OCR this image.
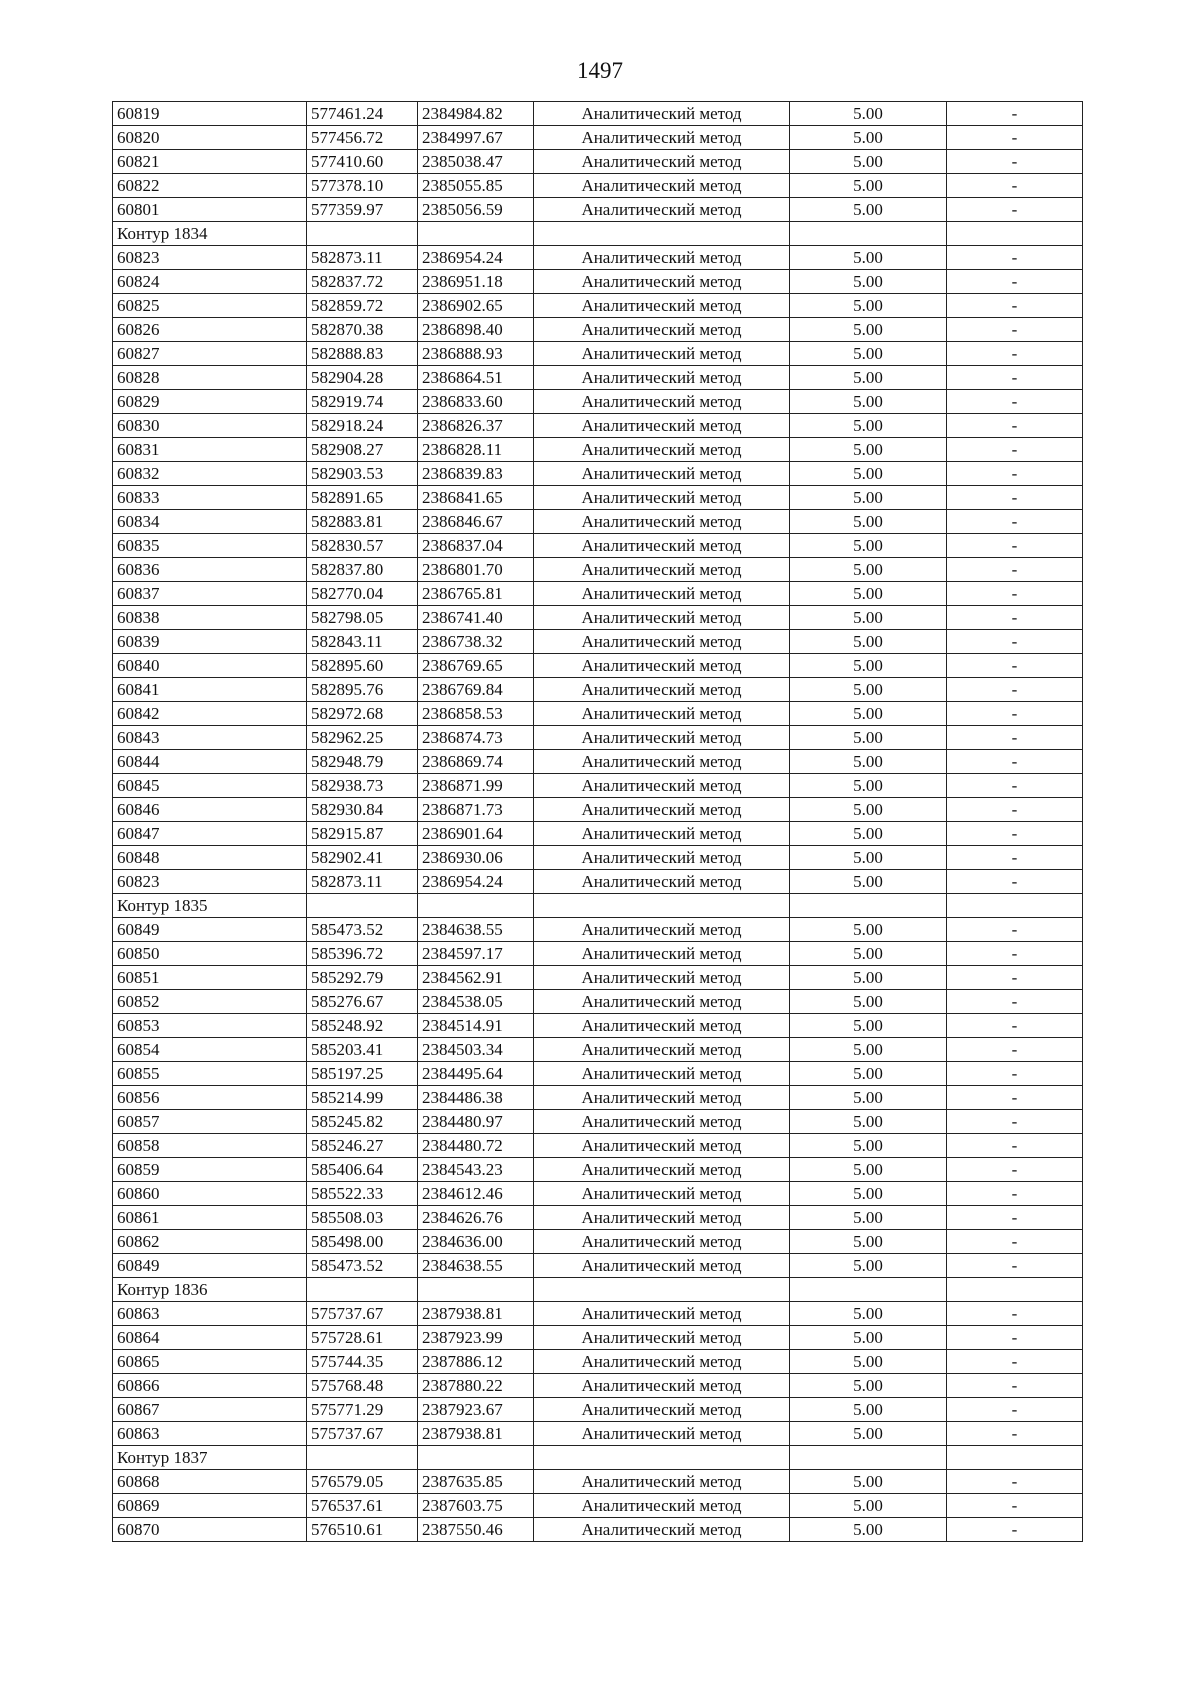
1497
60819	577461.24	2384984.82	Аналитический метод	5.00	-
60820	577456.72	2384997.67	Аналитический метод	5.00	-
60821	577410.60	2385038.47	Аналитический метод	5.00	-
60822	577378.10	2385055.85	Аналитический метод	5.00	-
60801	577359.97	2385056.59	Аналитический метод	5.00	-
Контур 1834					
60823	582873.11	2386954.24	Аналитический метод	5.00	-
60824	582837.72	2386951.18	Аналитический метод	5.00	-
60825	582859.72	2386902.65	Аналитический метод	5.00	-
60826	582870.38	2386898.40	Аналитический метод	5.00	-
60827	582888.83	2386888.93	Аналитический метод	5.00	-
60828	582904.28	2386864.51	Аналитический метод	5.00	-
60829	582919.74	2386833.60	Аналитический метод	5.00	-
60830	582918.24	2386826.37	Аналитический метод	5.00	-
60831	582908.27	2386828.11	Аналитический метод	5.00	-
60832	582903.53	2386839.83	Аналитический метод	5.00	-
60833	582891.65	2386841.65	Аналитический метод	5.00	-
60834	582883.81	2386846.67	Аналитический метод	5.00	-
60835	582830.57	2386837.04	Аналитический метод	5.00	-
60836	582837.80	2386801.70	Аналитический метод	5.00	-
60837	582770.04	2386765.81	Аналитический метод	5.00	-
60838	582798.05	2386741.40	Аналитический метод	5.00	-
60839	582843.11	2386738.32	Аналитический метод	5.00	-
60840	582895.60	2386769.65	Аналитический метод	5.00	-
60841	582895.76	2386769.84	Аналитический метод	5.00	-
60842	582972.68	2386858.53	Аналитический метод	5.00	-
60843	582962.25	2386874.73	Аналитический метод	5.00	-
60844	582948.79	2386869.74	Аналитический метод	5.00	-
60845	582938.73	2386871.99	Аналитический метод	5.00	-
60846	582930.84	2386871.73	Аналитический метод	5.00	-
60847	582915.87	2386901.64	Аналитический метод	5.00	-
60848	582902.41	2386930.06	Аналитический метод	5.00	-
60823	582873.11	2386954.24	Аналитический метод	5.00	-
Контур 1835					
60849	585473.52	2384638.55	Аналитический метод	5.00	-
60850	585396.72	2384597.17	Аналитический метод	5.00	-
60851	585292.79	2384562.91	Аналитический метод	5.00	-
60852	585276.67	2384538.05	Аналитический метод	5.00	-
60853	585248.92	2384514.91	Аналитический метод	5.00	-
60854	585203.41	2384503.34	Аналитический метод	5.00	-
60855	585197.25	2384495.64	Аналитический метод	5.00	-
60856	585214.99	2384486.38	Аналитический метод	5.00	-
60857	585245.82	2384480.97	Аналитический метод	5.00	-
60858	585246.27	2384480.72	Аналитический метод	5.00	-
60859	585406.64	2384543.23	Аналитический метод	5.00	-
60860	585522.33	2384612.46	Аналитический метод	5.00	-
60861	585508.03	2384626.76	Аналитический метод	5.00	-
60862	585498.00	2384636.00	Аналитический метод	5.00	-
60849	585473.52	2384638.55	Аналитический метод	5.00	-
Контур 1836					
60863	575737.67	2387938.81	Аналитический метод	5.00	-
60864	575728.61	2387923.99	Аналитический метод	5.00	-
60865	575744.35	2387886.12	Аналитический метод	5.00	-
60866	575768.48	2387880.22	Аналитический метод	5.00	-
60867	575771.29	2387923.67	Аналитический метод	5.00	-
60863	575737.67	2387938.81	Аналитический метод	5.00	-
Контур 1837					
60868	576579.05	2387635.85	Аналитический метод	5.00	-
60869	576537.61	2387603.75	Аналитический метод	5.00	-
60870	576510.61	2387550.46	Аналитический метод	5.00	-
